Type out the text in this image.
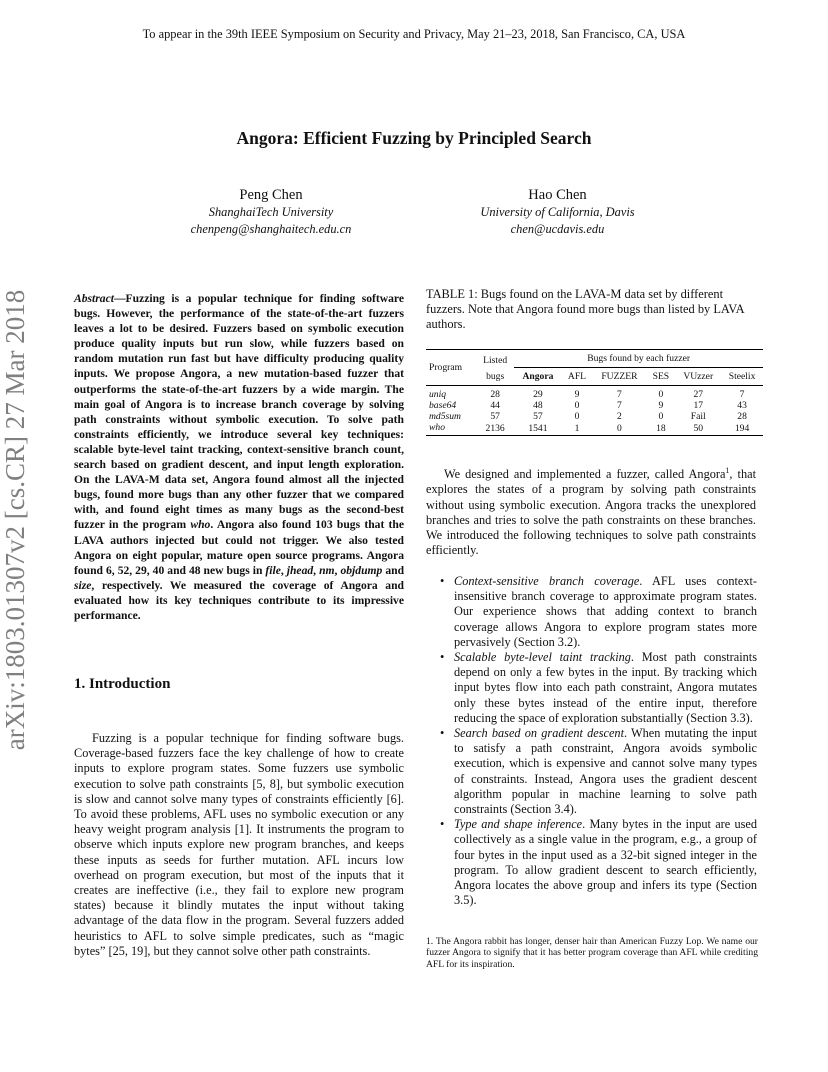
To appear in the 39th IEEE Symposium on Security and Privacy, May 21–23, 2018, San Francisco, CA, USA
Angora: Efficient Fuzzing by Principled Search
Peng Chen
ShanghaiTech University
chenpeng@shanghaitech.edu.cn
Hao Chen
University of California, Davis
chen@ucdavis.edu
arXiv:1803.01307v2 [cs.CR] 27 Mar 2018	Abstract—Fuzzing is a popular technique for finding software bugs. However, the performance of the state-of-the-art fuzzers leaves a lot to be desired. Fuzzers based on symbolic execution produce quality inputs but run slow, while fuzzers based on random mutation run fast but have difficulty producing quality inputs. We propose Angora, a new mutation-based fuzzer that outperforms the state-of-the-art fuzzers by a wide margin. The main goal of Angora is to increase branch coverage by solving path constraints without symbolic execution. To solve path constraints efficiently, we introduce several key techniques: scalable byte-level taint tracking, context-sensitive branch count, search based on gradient descent, and input length exploration. On the LAVA-M data set, Angora found almost all the injected bugs, found more bugs than any other fuzzer that we compared with, and found eight times as many bugs as the second-best fuzzer in the program who. Angora also found 103 bugs that the LAVA authors injected but could not trigger. We also tested Angora on eight popular, mature open source programs. Angora found 6, 52, 29, 40 and 48 new bugs in file, jhead, nm, objdump and size, respectively. We measured the coverage of Angora and evaluated how its key techniques contribute to its impressive performance.
1. Introduction
Fuzzing is a popular technique for finding software bugs. Coverage-based fuzzers face the key challenge of how to create inputs to explore program states. Some fuzzers use symbolic execution to solve path constraints [5, 8], but symbolic execution is slow and cannot solve many types of constraints efficiently [6]. To avoid these problems, AFL uses no symbolic execution or any heavy weight program analysis [1]. It instruments the program to observe which inputs explore new program branches, and keeps these inputs as seeds for further mutation. AFL incurs low overhead on program execution, but most of the inputs that it creates are ineffective (i.e., they fail to explore new program states) because it blindly mutates the input without taking advantage of the data flow in the program. Several fuzzers added heuristics to AFL to solve simple predicates, such as “magic bytes” [25, 19], but they cannot solve other path constraints.
TABLE 1: Bugs found on the LAVA-M data set by different fuzzers. Note that Angora found more bugs than listed by LAVA authors.
Program	Listed	Bugs found by each fuzzer					
	bugs	Angora	AFL	FUZZER	SES	VUzzer	Steelix
uniq	28	29	9	7	0	27	7
base64	44	48	0	7	9	17	43
md5sum	57	57	0	2	0	Fail	28
who	2136	1541	1	0	18	50	194
We designed and implemented a fuzzer, called Angora$^1$, that explores the states of a program by solving path constraints without using symbolic execution. Angora tracks the unexplored branches and tries to solve the path constraints on these branches. We introduced the following techniques to solve path constraints efficiently.
• Context-sensitive branch coverage. AFL uses context-insensitive branch coverage to approximate program states. Our experience shows that adding context to branch coverage allows Angora to explore program states more pervasively (Section 3.2).
• Scalable byte-level taint tracking. Most path constraints depend on only a few bytes in the input. By tracking which input bytes flow into each path constraint, Angora mutates only these bytes instead of the entire input, therefore reducing the space of exploration substantially (Section 3.3).
• Search based on gradient descent. When mutating the input to satisfy a path constraint, Angora avoids symbolic execution, which is expensive and cannot solve many types of constraints. Instead, Angora uses the gradient descent algorithm popular in machine learning to solve path constraints (Section 3.4).
• Type and shape inference. Many bytes in the input are used collectively as a single value in the program, e.g., a group of four bytes in the input used as a 32-bit signed integer in the program. To allow gradient descent to search efficiently, Angora locates the above group and infers its type (Section 3.5).
1. The Angora rabbit has longer, denser hair than American Fuzzy Lop. We name our fuzzer Angora to signify that it has better program coverage than AFL while crediting AFL for its inspiration.
